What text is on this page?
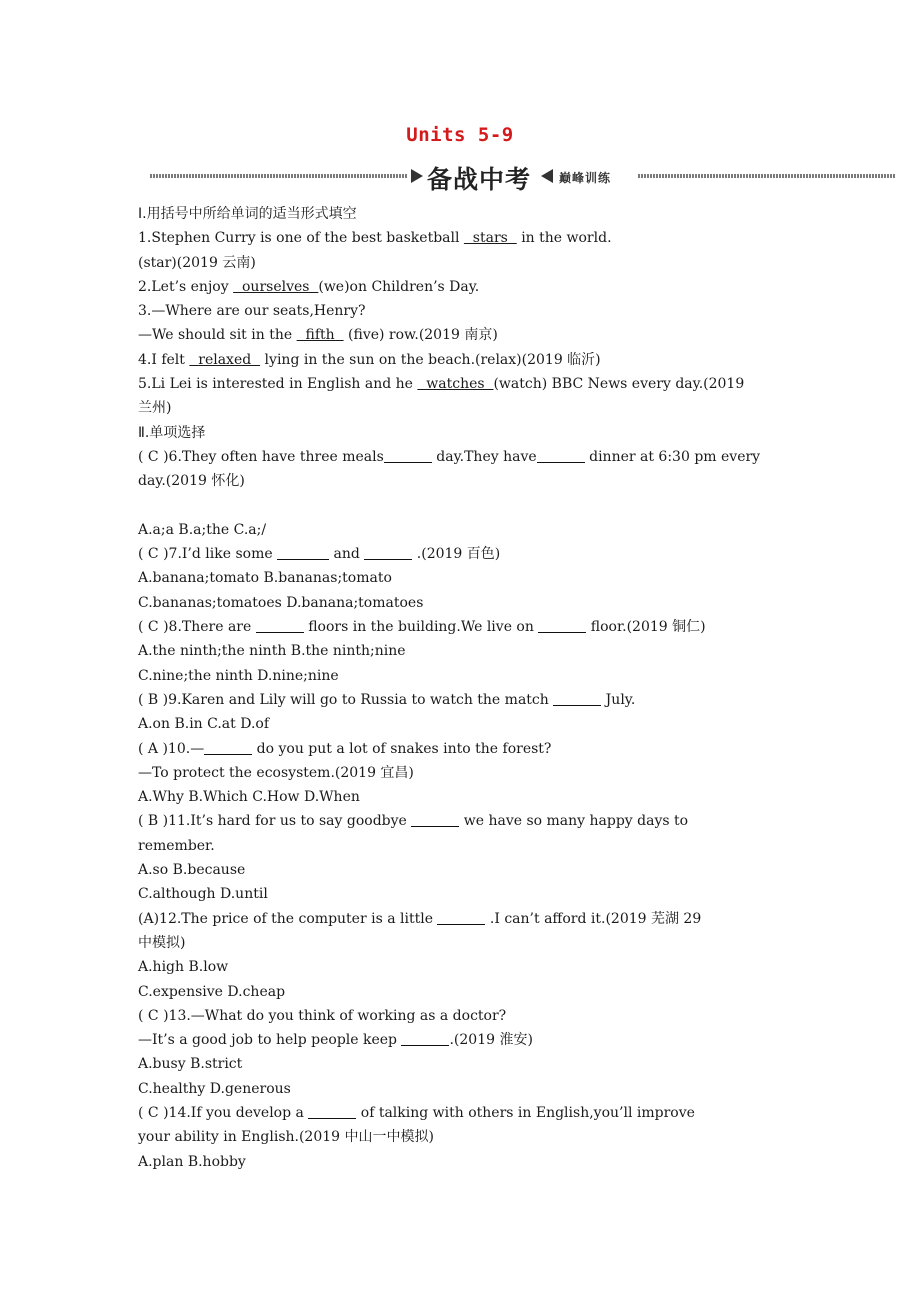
Units 5-9
备战中考 巅峰训练
Ⅰ.用括号中所给单词的适当形式填空
1.Stephen Curry is one of the best basketball   stars   in the world.
(star)(2019 云南)
2.Let’s enjoy   ourselves  (we)on Children’s Day.
3.—Where are our seats,Henry?
—We should sit in the   fifth   (five) row.(2019 南京)
4.I felt   relaxed   lying in the sun on the beach.(relax)(2019 临沂)
5.Li Lei is interested in English and he   watches  (watch) BBC News every day.(2019
兰州)
Ⅱ.单项选择
( C )6.They often have three meals	day.They have	dinner at 6:30 pm every
day.(2019 怀化)
A.a;a B.a;the C.a;/
( C )7.I’d like some	and	.(2019 百色)
A.banana;tomato B.bananas;tomato
C.bananas;tomatoes D.banana;tomatoes
( C )8.There are	floors in the building.We live on	floor.(2019 铜仁)
A.the ninth;the ninth B.the ninth;nine
C.nine;the ninth D.nine;nine
( B )9.Karen and Lily will go to Russia to watch the match	July.
A.on B.in C.at D.of
( A )10.—	do you put a lot of snakes into the forest?
—To protect the ecosystem.(2019 宜昌)
A.Why B.Which C.How D.When
( B )11.It’s hard for us to say goodbye	we have so many happy days to
remember.
A.so B.because
C.although D.until
(A)12.The price of the computer is a little	.I can’t afford it.(2019 芜湖 29
中模拟)
A.high B.low
C.expensive D.cheap
( C )13.—What do you think of working as a doctor?
—It’s a good job to help people keep	.(2019 淮安)
A.busy B.strict
C.healthy D.generous
( C )14.If you develop a	of talking with others in English,you’ll improve
your ability in English.(2019 中山一中模拟)
A.plan B.hobby
